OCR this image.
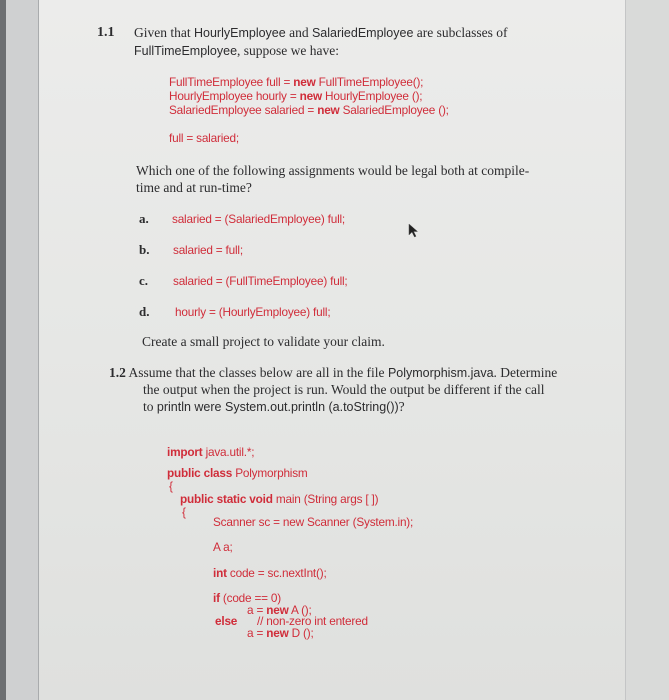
1.1 Given that HourlyEmployee and SalariedEmployee are subclasses of
FullTimeEmployee, suppose we have:
FullTimeEmployee full = new FullTimeEmployee();
HourlyEmployee hourly = new HourlyEmployee ();
SalariedEmployee salaried = new SalariedEmployee ();
full = salaried;
Which one of the following assignments would be legal both at compile-
time and at run-time?
a. salaried = (SalariedEmployee) full;
b. salaried = full;
c. salaried = (FullTimeEmployee) full;
d. hourly = (HourlyEmployee) full;
Create a small project to validate your claim.
1.2 Assume that the classes below are all in the file Polymorphism.java. Determine
the output when the project is run. Would the output be different if the call
to println were System.out.println (a.toString())?
import java.util.*;
public class Polymorphism
{
public static void main (String args [ ])
{
Scanner sc = new Scanner (System.in);
A a;
int code = sc.nextInt();
if (code == 0)
a = new A ();
else // non-zero int entered
a = new D ();
